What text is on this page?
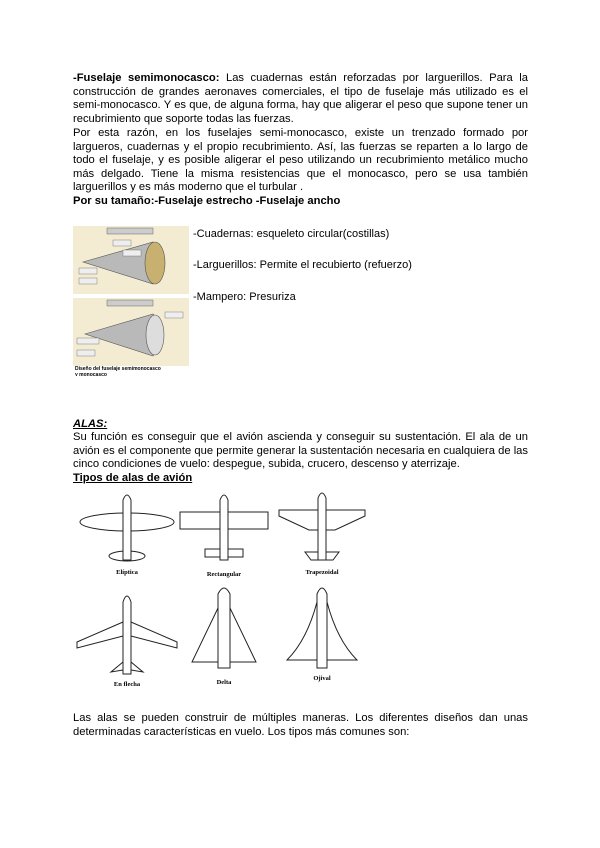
-Fuselaje semimonocasco: Las cuadernas están reforzadas por larguerillos. Para la construcción de grandes aeronaves comerciales, el tipo de fuselaje más utilizado es el semi-monocasco. Y es que, de alguna forma, hay que aligerar el peso que supone tener un recubrimiento que soporte todas las fuerzas.
Por esta razón, en los fuselajes semi-monocasco, existe un trenzado formado por largueros, cuadernas y el propio recubrimiento. Así, las fuerzas se reparten a lo largo de todo el fuselaje, y es posible aligerar el peso utilizando un recubrimiento metálico mucho más delgado. Tiene la misma resistencias que el monocasco, pero se usa también larguerillos y es más moderno que el turbular .
Por su tamaño:-Fuselaje estrecho -Fuselaje ancho
Diseño del fuselaje semimonocasco
y monocasco
-Cuadernas: esqueleto circular(costillas)
-Larguerillos: Permite el recubierto (refuerzo)
-Mampero: Presuriza
ALAS:
Su función es conseguir que el avión ascienda y conseguir su sustentación. El ala de un avión es el componente que permite generar la sustentación necesaria en cualquiera de las cinco condiciones de vuelo: despegue, subida, crucero, descenso y aterrizaje.
Tipos de alas de avión
Elíptica	Rectangular	Trapezoidal
En flecha	Delta
Ojival
Las alas se pueden construir de múltiples maneras. Los diferentes diseños dan unas determinadas características en vuelo. Los tipos más comunes son:
